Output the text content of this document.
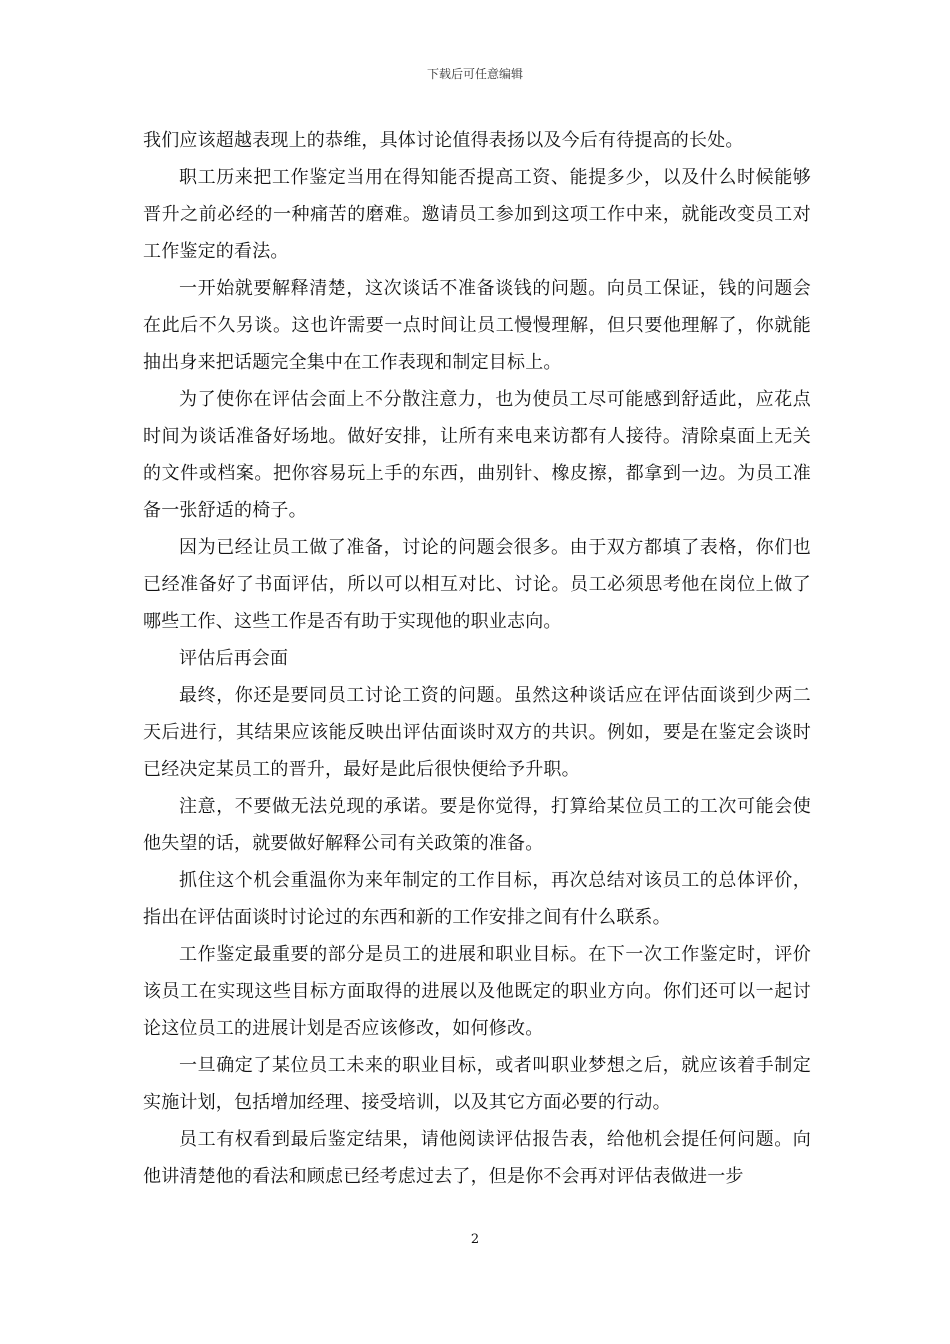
下载后可任意编辑

我们应该超越表现上的恭维，具体讨论值得表扬以及今后有待提高的长处。

职工历来把工作鉴定当用在得知能否提高工资、能提多少，以及什么时候能够晋升之前必经的一种痛苦的磨难。邀请员工参加到这项工作中来，就能改变员工对工作鉴定的看法。

一开始就要解释清楚，这次谈话不准备谈钱的问题。向员工保证，钱的问题会在此后不久另谈。这也许需要一点时间让员工慢慢理解，但只要他理解了，你就能抽出身来把话题完全集中在工作表现和制定目标上。

为了使你在评估会面上不分散注意力，也为使员工尽可能感到舒适此，应花点时间为谈话准备好场地。做好安排，让所有来电来访都有人接待。清除桌面上无关的文件或档案。把你容易玩上手的东西，曲别针、橡皮擦，都拿到一边。为员工准备一张舒适的椅子。

因为已经让员工做了准备，讨论的问题会很多。由于双方都填了表格，你们也已经准备好了书面评估，所以可以相互对比、讨论。员工必须思考他在岗位上做了哪些工作、这些工作是否有助于实现他的职业志向。

评估后再会面

最终，你还是要同员工讨论工资的问题。虽然这种谈话应在评估面谈到少两二天后进行，其结果应该能反映出评估面谈时双方的共识。例如，要是在鉴定会谈时已经决定某员工的晋升，最好是此后很快便给予升职。

注意，不要做无法兑现的承诺。要是你觉得，打算给某位员工的工次可能会使他失望的话，就要做好解释公司有关政策的准备。

抓住这个机会重温你为来年制定的工作目标，再次总结对该员工的总体评价，指出在评估面谈时讨论过的东西和新的工作安排之间有什么联系。

工作鉴定最重要的部分是员工的进展和职业目标。在下一次工作鉴定时，评价该员工在实现这些目标方面取得的进展以及他既定的职业方向。你们还可以一起讨论这位员工的进展计划是否应该修改，如何修改。

一旦确定了某位员工未来的职业目标，或者叫职业梦想之后，就应该着手制定实施计划，包括增加经理、接受培训，以及其它方面必要的行动。

员工有权看到最后鉴定结果，请他阅读评估报告表，给他机会提任何问题。向他讲清楚他的看法和顾虑已经考虑过去了，但是你不会再对评估表做进一步

2
